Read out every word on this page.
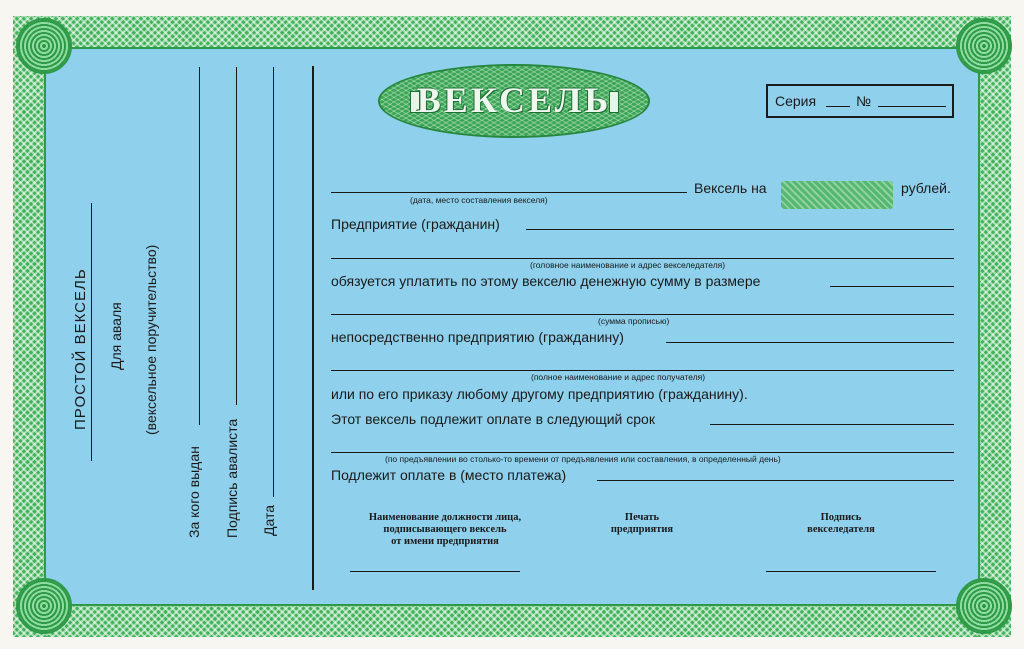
ПРОСТОЙ ВЕКСЕЛЬ Для аваля (вексельное поручительство)
За кого выдан Подпись авалиста Дата
ВЕКСЕЛЬ	Серия	№
(дата, место составления векселя)
Вексель на	рублей.
Предприятие (гражданин)
(головное наименование и адрес векселедателя)
обязуется уплатить по этому векселю денежную сумму в размере
(сумма прописью)
непосредственно предприятию (гражданину)
(полное наименование и адрес получателя)
или по его приказу любому другому предприятию (гражданину).
Этот вексель подлежит оплате в следующий срок
(по предъявлении во столько-то времени от предъявления или составления, в определенный день)
Подлежит оплате в (место платежа)
Наименование должности лица,
подписывающего вексель
от имени предприятия
Печать
предприятия
Подпись
векселедателя
